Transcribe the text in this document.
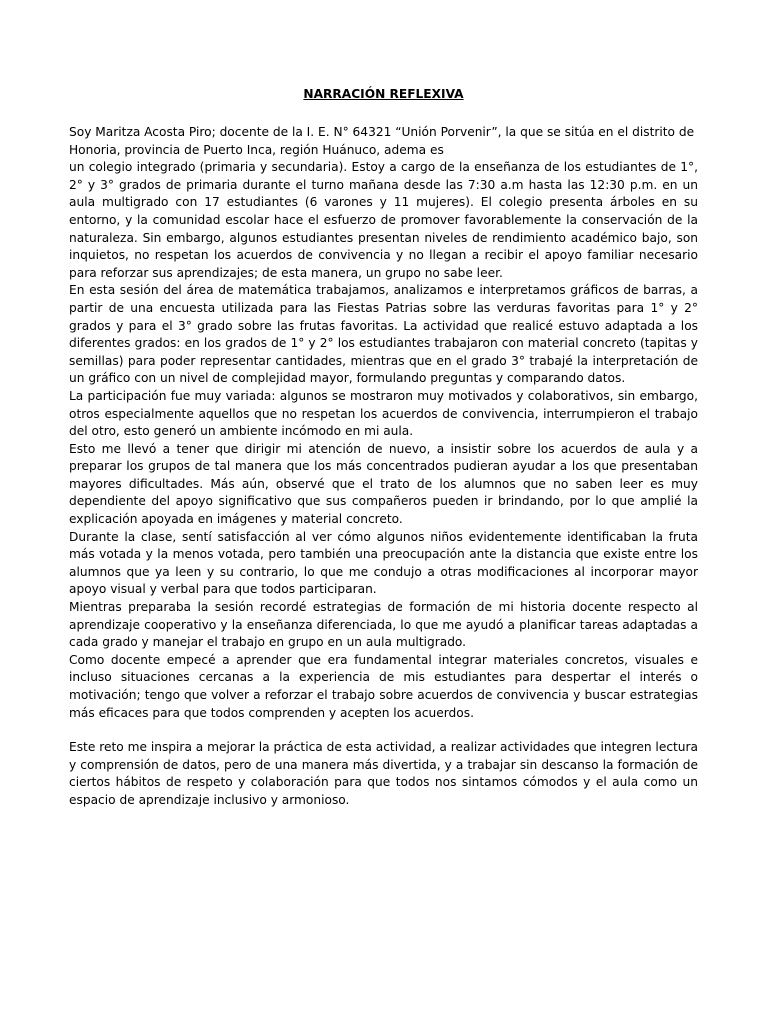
NARRACIÓN REFLEXIVA

Soy Maritza Acosta Piro; docente de la I. E. N° 64321 “Unión Porvenir”, la que se sitúa en el distrito de Honoria, provincia de Puerto Inca, región Huánuco, adema es

un colegio integrado (primaria y secundaria). Estoy a cargo de la enseñanza de los estudiantes de 1°, 2° y 3° grados de primaria durante el turno mañana desde las 7:30 a.m hasta las 12:30 p.m. en un aula multigrado con 17 estudiantes (6 varones y 11 mujeres). El colegio presenta árboles en su entorno, y la comunidad escolar hace el esfuerzo de promover favorablemente la conservación de la naturaleza. Sin embargo, algunos estudiantes presentan niveles de rendimiento académico bajo, son inquietos, no respetan los acuerdos de convivencia y no llegan a recibir el apoyo familiar necesario para reforzar sus aprendizajes; de esta manera, un grupo no sabe leer.

En esta sesión del área de matemática trabajamos, analizamos e interpretamos gráficos de barras, a partir de una encuesta utilizada para las Fiestas Patrias sobre las verduras favoritas para 1° y 2° grados y para el 3° grado sobre las frutas favoritas. La actividad que realicé estuvo adaptada a los diferentes grados: en los grados de 1° y 2° los estudiantes trabajaron con material concreto (tapitas y semillas) para poder representar cantidades, mientras que en el grado 3° trabajé la interpretación de un gráfico con un nivel de complejidad mayor, formulando preguntas y comparando datos.

La participación fue muy variada: algunos se mostraron muy motivados y colaborativos, sin embargo, otros especialmente aquellos que no respetan los acuerdos de convivencia, interrumpieron el trabajo del otro, esto generó un ambiente incómodo en mi aula.

Esto me llevó a tener que dirigir mi atención de nuevo, a insistir sobre los acuerdos de aula y a preparar los grupos de tal manera que los más concentrados pudieran ayudar a los que presentaban mayores dificultades. Más aún, observé que el trato de los alumnos que no saben leer es muy dependiente del apoyo significativo que sus compañeros pueden ir brindando, por lo que amplié la explicación apoyada en imágenes y material concreto.

Durante la clase, sentí satisfacción al ver cómo algunos niños evidentemente identificaban la fruta más votada y la menos votada, pero también una preocupación ante la distancia que existe entre los alumnos que ya leen y su contrario, lo que me condujo a otras modificaciones al incorporar mayor apoyo visual y verbal para que todos participaran.

Mientras preparaba la sesión recordé estrategias de formación de mi historia docente respecto al aprendizaje cooperativo y la enseñanza diferenciada, lo que me ayudó a planificar tareas adaptadas a cada grado y manejar el trabajo en grupo en un aula multigrado.

Como docente empecé a aprender que era fundamental integrar materiales concretos, visuales e incluso situaciones cercanas a la experiencia de mis estudiantes para despertar el interés o motivación; tengo que volver a reforzar el trabajo sobre acuerdos de convivencia y buscar estrategias más eficaces para que todos comprenden y acepten los acuerdos.

Este reto me inspira a mejorar la práctica de esta actividad, a realizar actividades que integren lectura y comprensión de datos, pero de una manera más divertida, y a trabajar sin descanso la formación de ciertos hábitos de respeto y colaboración para que todos nos sintamos cómodos y el aula como un espacio de aprendizaje inclusivo y armonioso.
